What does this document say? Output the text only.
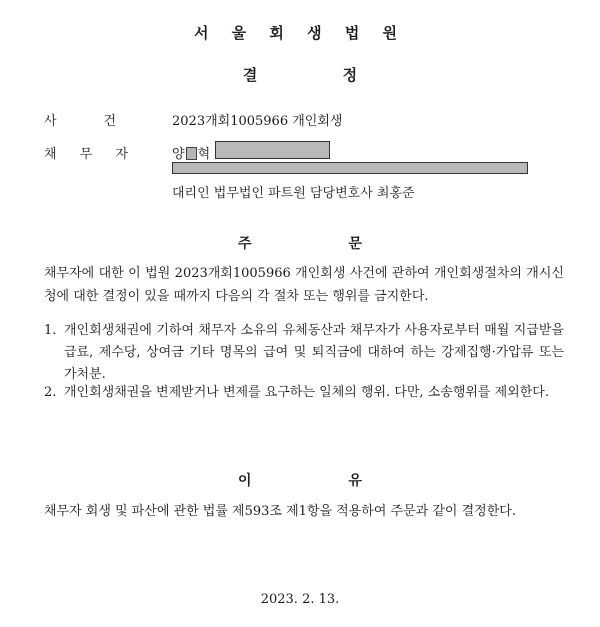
서 울 회 생 법 원
결 정
사	건	2023개회1005966 개인회생
채 무 자	양 혁
대리인 법무법인 파트원 담당변호사 최홍준
주 문
채무자에 대한 이 법원 2023개회1005966 개인회생 사건에 관하여 개인회생절차의 개시신청에 대한 결정이 있을 때까지 다음의 각 절차 또는 행위를 금지한다.
1. 개인회생채권에 기하여 채무자 소유의 유체동산과 채무자가 사용자로부터 매월 지급받을 급료, 제수당, 상여금 기타 명목의 급여 및 퇴직금에 대하여 하는 강제집행·가압류 또는 가처분.
2. 개인회생채권을 변제받거나 변제를 요구하는 일체의 행위. 다만, 소송행위를 제외한다.
이 유
채무자 회생 및 파산에 관한 법률 제593조 제1항을 적용하여 주문과 같이 결정한다.
2023. 2. 13.
